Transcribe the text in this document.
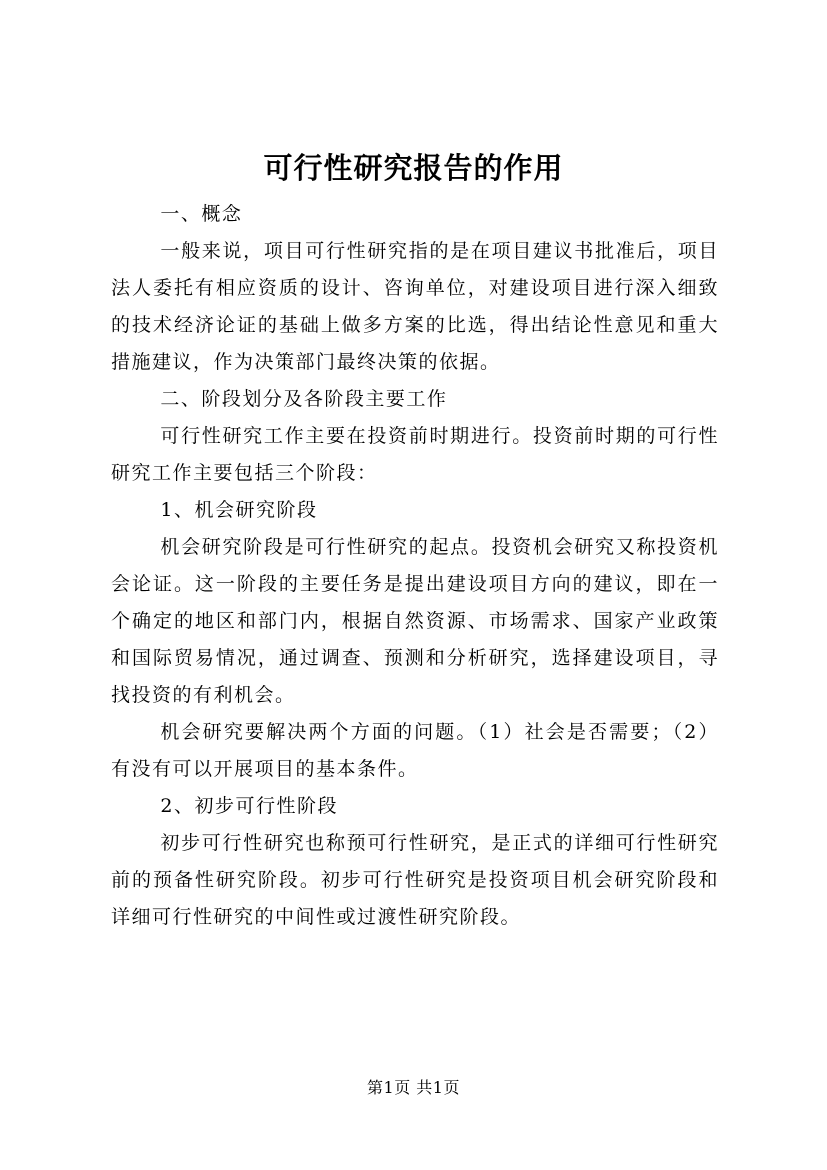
可行性研究报告的作用

一、概念

一般来说，项目可行性研究指的是在项目建议书批准后，项目法人委托有相应资质的设计、咨询单位，对建设项目进行深入细致的技术经济论证的基础上做多方案的比选，得出结论性意见和重大措施建议，作为决策部门最终决策的依据。

二、阶段划分及各阶段主要工作

可行性研究工作主要在投资前时期进行。投资前时期的可行性研究工作主要包括三个阶段：

1、机会研究阶段

机会研究阶段是可行性研究的起点。投资机会研究又称投资机会论证。这一阶段的主要任务是提出建设项目方向的建议，即在一个确定的地区和部门内，根据自然资源、市场需求、国家产业政策和国际贸易情况，通过调查、预测和分析研究，选择建设项目，寻找投资的有利机会。

机会研究要解决两个方面的问题。（1）社会是否需要；（2）有没有可以开展项目的基本条件。

2、初步可行性阶段

初步可行性研究也称预可行性研究，是正式的详细可行性研究前的预备性研究阶段。初步可行性研究是投资项目机会研究阶段和详细可行性研究的中间性或过渡性研究阶段。

第1页 共1页
